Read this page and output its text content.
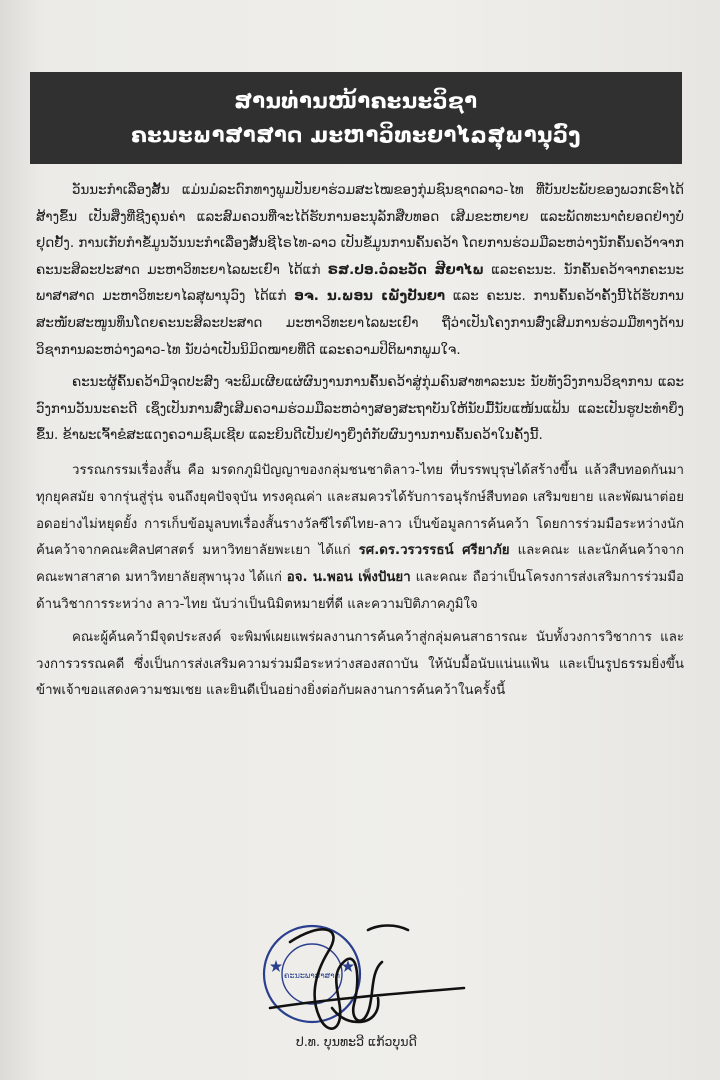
ສານທ່ານໜ້າຄະນະວິຊາ
ຄະນະພາສາສາດ ມະຫາວິທະຍາໄລສຸພານຸວົງ

ວັນນະກຳເລື່ອງສັ້ນ ແມ່ນມໍລະດົກທາງພູມປັນຍາຮ່ວມສະໄໝຂອງກຸ່ມຊົນຊາດລາວ-ໄທ ທີ່ບັນປະພັບຂອງພວກເຮົາໄດ້ສ້າງຂຶ້ນ ເປັນສິ່ງທີ່ຊີງຄຸນຄ່າ ແລະສົມຄວນທີ່ຈະໄດ້ຮັບການອະນຸລັກສືບທອດ ເສີມຂະຫຍາຍ ແລະພັດທະນາຕໍ່ຍອດຢ່າງບໍ່ຢຸດຢັ້ງ. ການເກັບກຳຂໍ້ມູນວັນນະກຳເລື່ອງສັ້ນຊີໄຣໄທ-ລາວ ເປັນຂໍ້ມູນການຄົ້ນຄວ້າ ໂດຍການຮ່ວມມືລະຫວ່າງນັກຄົ້ນຄວ້າຈາກຄະນະສິລະປະສາດ ມະຫາວິທະຍາໄລພະເຢົາ ໄດ້ແກ່ ຣສ.ປອ.ວໍລະວັດ ສີຍາໄພ ແລະຄະນະ. ນັກຄົ້ນຄວ້າຈາກຄະນະພາສາສາດ ມະຫາວິທະຍາໄລສຸພານຸວົງ ໄດ້ແກ່ ອຈ. ນ.ພອນ ເພັງປັນຍາ ແລະ ຄະນະ. ການຄົ້ນຄວ້າຄັ້ງນີ້ໄດ້ຮັບການສະໜັບສະໜູນທຶນໂດຍຄະນະສິລະປະສາດ ມະຫາວິທະຍາໄລພະເຢົາ ຖືວ່າເປັນໂຄງການສົ່ງເສີມການຮ່ວມມືທາງດ້ານວິຊາການລະຫວ່າງລາວ-ໄທ ນັບວ່າເປັນນິມິດໝາຍທີ່ດີ ແລະຄວາມປິຕິພາກພູມໃຈ.

ຄະນະຜູ້ຄົ້ນຄວ້າມີຈຸດປະສົງ ຈະພິມເຜີຍແຜ່ຜົນງານການຄົ້ນຄວ້າສູ່ກຸ່ມຄົນສາທາລະນະ ນັບທັງວົງການວິຊາການ ແລະວົງການວັນນະຄະດີ ເຊິ່ງເປັນການສົ່ງເສີມຄວາມຮ່ວມມືລະຫວ່າງສອງສະຖາບັນໃຫ້ນັບມື້ນັບແໜ້ນແຟ້ນ ແລະເປັນຮູປະທຳຍິ່ງຂຶ້ນ. ຂ້າພະເຈົ້າຂໍສະແດງຄວາມຊົມເຊີຍ ແລະຍິນດີເປັນຢ່າງຍິ່ງຕໍ່ກັບຜົນງານການຄົ້ນຄວ້າໃນຄັ້ງນີ້.

วรรณกรรมเรื่องสั้น คือ มรดกภูมิปัญญาของกลุ่มชนชาติลาว-ไทย ที่บรรพบุรุษได้สร้างขึ้น แล้วสืบทอดกันมาทุกยุคสมัย จากรุ่นสู่รุ่น จนถึงยุคปัจจุบัน ทรงคุณค่า และสมควรได้รับการอนุรักษ์สืบทอด เสริมขยาย และพัฒนาต่อยอดอย่างไม่หยุดยั้ง การเก็บข้อมูลบทเรื่องสั้นรางวัลซีไรต์ไทย-ลาว เป็นข้อมูลการค้นคว้า โดยการร่วมมือระหว่างนักค้นคว้าจากคณะศิลปศาสตร์ มหาวิทยาลัยพะเยา ได้แก่ รศ.ดร.วรวรรธน์ ศรียาภัย และคณะ และนักค้นคว้าจากคณะพาสาสาด มหาวิทยาลัยสุพานุวง ได้แก่ อจ. น.พอน เพ็งปันยา และคณะ ถือว่าเป็นโครงการส่งเสริมการร่วมมือด้านวิชาการระหว่าง ลาว-ไทย นับว่าเป็นนิมิตหมายที่ดี และความปิติภาคภูมิใจ

คณะผู้ค้นคว้ามีจุดประสงค์ จะพิมพ์เผยแพร่ผลงานการค้นคว้าสู่กลุ่มคนสาธารณะ นับทั้งวงการวิชาการ และวงการวรรณคดี ซึ่งเป็นการส่งเสริมความร่วมมือระหว่างสองสถาบัน ให้นับมื้อนับแน่นแฟ้น และเป็นรูปธรรมยิ่งขึ้น ข้าพเจ้าขอแสดงความชมเชย และยินดีเป็นอย่างยิ่งต่อกับผลงานการค้นคว้าในครั้งนี้

ຄະນະພາສາສາດ
ປ.ທ. ບຸນທະວີ ແກ້ວບຸນດີ
